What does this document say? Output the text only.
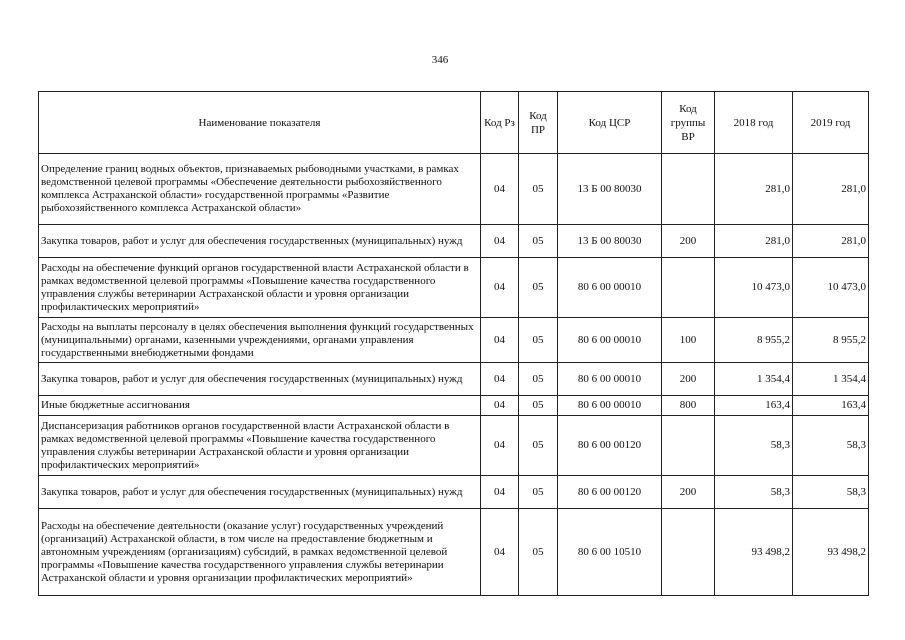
346
Наименование показателя	Код Рз	Код ПР	Код ЦСР	Код группы ВР	2018 год	2019 год
Определение границ водных объектов, признаваемых рыбоводными участками, в рамках ведомственной целевой программы «Обеспечение деятельности рыбохозяйственного комплекса Астраханской области» государственной программы «Развитие рыбохозяйственного комплекса Астраханской области»	04	05	13 Б 00 80030		281,0	281,0
Закупка товаров, работ и услуг для обеспечения государственных (муниципальных) нужд	04	05	13 Б 00 80030	200	281,0	281,0
Расходы на обеспечение функций органов государственной власти Астраханской области в рамках ведомственной целевой программы «Повышение качества государственного управления службы ветеринарии Астраханской области и уровня организации профилактических мероприятий»	04	05	80 6 00 00010		10 473,0	10 473,0
Расходы на выплаты персоналу в целях обеспечения выполнения функций государственных (муниципальными) органами, казенными учреждениями, органами управления государственными внебюджетными фондами	04	05	80 6 00 00010	100	8 955,2	8 955,2
Закупка товаров, работ и услуг для обеспечения государственных (муниципальных) нужд	04	05	80 6 00 00010	200	1 354,4	1 354,4
Иные бюджетные ассигнования	04	05	80 6 00 00010	800	163,4	163,4
Диспансеризация работников органов государственной власти Астраханской области в рамках ведомственной целевой программы «Повышение качества государственного управления службы ветеринарии Астраханской области и уровня организации профилактических мероприятий»	04	05	80 6 00 00120		58,3	58,3
Закупка товаров, работ и услуг для обеспечения государственных (муниципальных) нужд	04	05	80 6 00 00120	200	58,3	58,3
Расходы на обеспечение деятельности (оказание услуг) государственных учреждений (организаций) Астраханской области, в том числе на предоставление бюджетным и автономным учреждениям (организациям) субсидий, в рамках ведомственной целевой программы «Повышение качества государственного управления службы ветеринарии Астраханской области и уровня организации профилактических мероприятий»	04	05	80 6 00 10510		93 498,2	93 498,2
